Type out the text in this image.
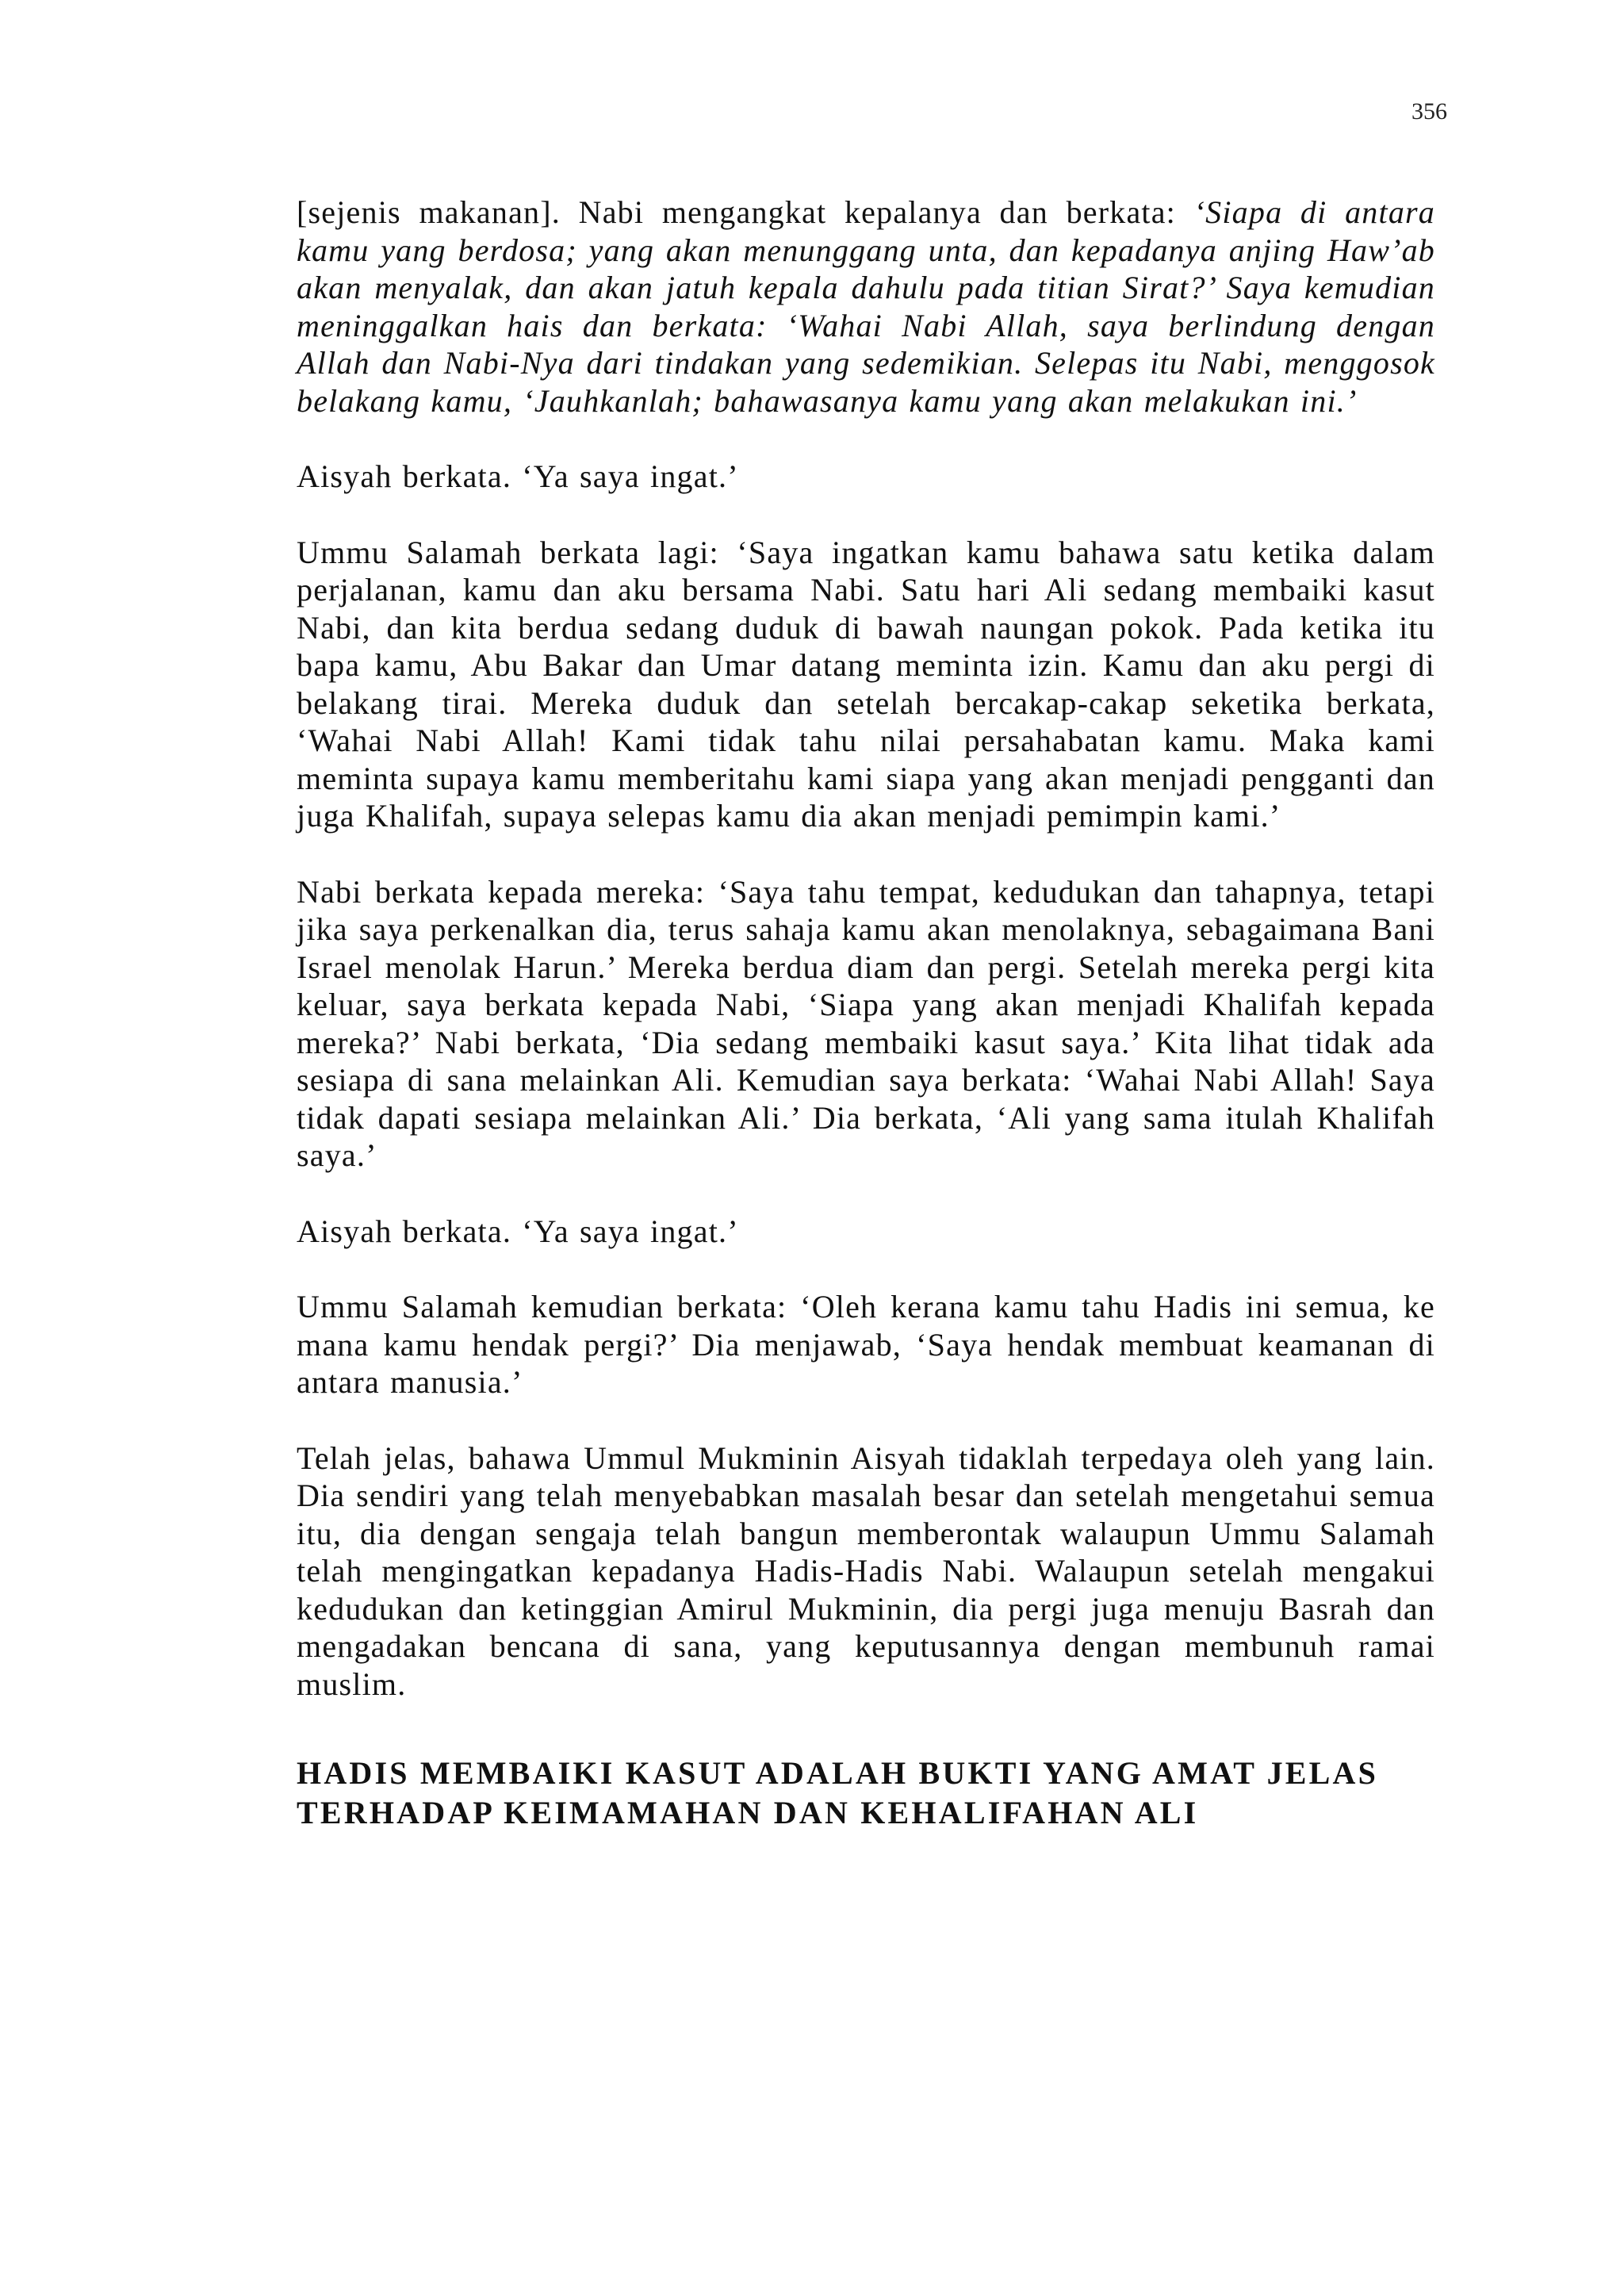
356

[sejenis makanan]. Nabi mengangkat kepalanya dan berkata: ‘Siapa di antara kamu yang berdosa; yang akan menunggang unta, dan kepadanya anjing Haw’ab akan menyalak, dan akan jatuh kepala dahulu pada titian Sirat?’ Saya kemudian meninggalkan hais dan berkata: ‘Wahai Nabi Allah, saya berlindung dengan Allah dan Nabi-Nya dari tindakan yang sedemikian. Selepas itu Nabi, menggosok belakang kamu, ‘Jauhkanlah; bahawasanya kamu yang akan melakukan ini.’

Aisyah berkata. ‘Ya saya ingat.’

Ummu Salamah berkata lagi: ‘Saya ingatkan kamu bahawa satu ketika dalam perjalanan, kamu dan aku bersama Nabi. Satu hari Ali sedang membaiki kasut Nabi, dan kita berdua sedang duduk di bawah naungan pokok. Pada ketika itu bapa kamu, Abu Bakar dan Umar datang meminta izin. Kamu dan aku pergi di belakang tirai. Mereka duduk dan setelah bercakap-cakap seketika berkata, ‘Wahai Nabi Allah! Kami tidak tahu nilai persahabatan kamu. Maka kami meminta supaya kamu memberitahu kami siapa yang akan menjadi pengganti dan juga Khalifah, supaya selepas kamu dia akan menjadi pemimpin kami.’

Nabi berkata kepada mereka: ‘Saya tahu tempat, kedudukan dan tahapnya, tetapi jika saya perkenalkan dia, terus sahaja kamu akan menolaknya, sebagaimana Bani Israel menolak Harun.’ Mereka berdua diam dan pergi. Setelah mereka pergi kita keluar, saya berkata kepada Nabi, ‘Siapa yang akan menjadi Khalifah kepada mereka?’ Nabi berkata, ‘Dia sedang membaiki kasut saya.’ Kita lihat tidak ada sesiapa di sana melainkan Ali. Kemudian saya berkata: ‘Wahai Nabi Allah! Saya tidak dapati sesiapa melainkan Ali.’ Dia berkata, ‘Ali yang sama itulah Khalifah saya.’

Aisyah berkata. ‘Ya saya ingat.’

Ummu Salamah kemudian berkata: ‘Oleh kerana kamu tahu Hadis ini semua, ke mana kamu hendak pergi?’ Dia menjawab, ‘Saya hendak membuat keamanan di antara manusia.’

Telah jelas, bahawa Ummul Mukminin Aisyah tidaklah terpedaya oleh yang lain. Dia sendiri yang telah menyebabkan masalah besar dan setelah mengetahui semua itu, dia dengan sengaja telah bangun memberontak walaupun Ummu Salamah telah mengingatkan kepadanya Hadis-Hadis Nabi. Walaupun setelah mengakui kedudukan dan ketinggian Amirul Mukminin, dia pergi juga menuju Basrah dan mengadakan bencana di sana, yang keputusannya dengan membunuh ramai muslim.

HADIS MEMBAIKI KASUT ADALAH BUKTI YANG AMAT JELAS
TERHADAP KEIMAMAHAN DAN KEHALIFAHAN ALI
